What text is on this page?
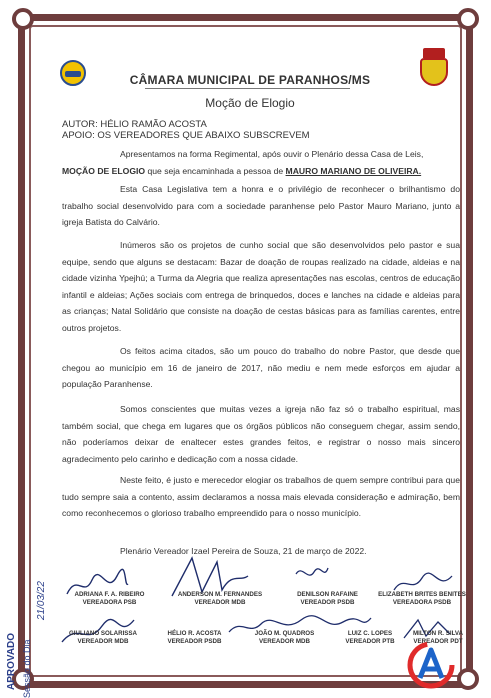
CÂMARA MUNICIPAL DE PARANHOS/MS
Moção de Elogio
AUTOR: HÉLIO RAMÃO ACOSTA
APOIO: OS VEREADORES QUE ABAIXO SUBSCREVEM
Apresentamos na forma Regimental, após ouvir o Plenário dessa Casa de Leis,
MOÇÃO DE ELOGIO que seja encaminhada a pessoa de MAURO MARIANO DE OLIVEIRA.
Esta Casa Legislativa tem a honra e o privilégio de reconhecer o brilhantismo do trabalho social desenvolvido para com a sociedade paranhense pelo Pastor Mauro Mariano, junto a igreja Batista do Calvário.
Inúmeros são os projetos de cunho social que são desenvolvidos pelo pastor e sua equipe, sendo que alguns se destacam: Bazar de doação de roupas realizado na cidade, aldeias e na cidade vizinha Ypejhú; a Turma da Alegria que realiza apresentações nas escolas, centros de educação infantil e aldeias; Ações sociais com entrega de brinquedos, doces e lanches na cidade e aldeias para as crianças; Natal Solidário que consiste na doação de cestas básicas para as famílias carentes, entre outros projetos.
Os feitos acima citados, são um pouco do trabalho do nobre Pastor, que desde que chegou ao município em 16 de janeiro de 2017, não mediu e nem mede esforços em ajudar a população Paranhense.
Somos conscientes que muitas vezes a igreja não faz só o trabalho espiritual, mas também social, que chega em lugares que os órgãos públicos não conseguem chegar, assim sendo, não poderíamos deixar de enaltecer estes grandes feitos, e registrar o nosso mais sincero agradecimento pelo carinho e dedicação com a nossa cidade.
Neste feito, é justo e merecedor elogiar os trabalhos de quem sempre contribui para que tudo sempre saia a contento, assim declaramos a nossa mais elevada consideração e admiração, bem como reconhecemos o glorioso trabalho empreendido para o nosso município.
Plenário Vereador Izael Pereira de Souza, 21 de março de 2022.
ADRIANA F. A. RIBEIRO
VEREADORA PSB
ANDERSON M. FERNANDES
VEREADOR MDB
DENILSON RAFAINE
VEREADOR PSDB
ELIZABETH BRITES BENITES
VEREADORA PSDB
GIULIANO SOLARISSA
VEREADOR MDB
HÉLIO R. ACOSTA
VEREADOR PSDB
JOÃO M. QUADROS
VEREADOR MDB
LUIZ C. LOPES
VEREADOR PTB
MILTON R. SILVA
VEREADOR PDT
APROVADO Sessão do Dia
21/03/22
